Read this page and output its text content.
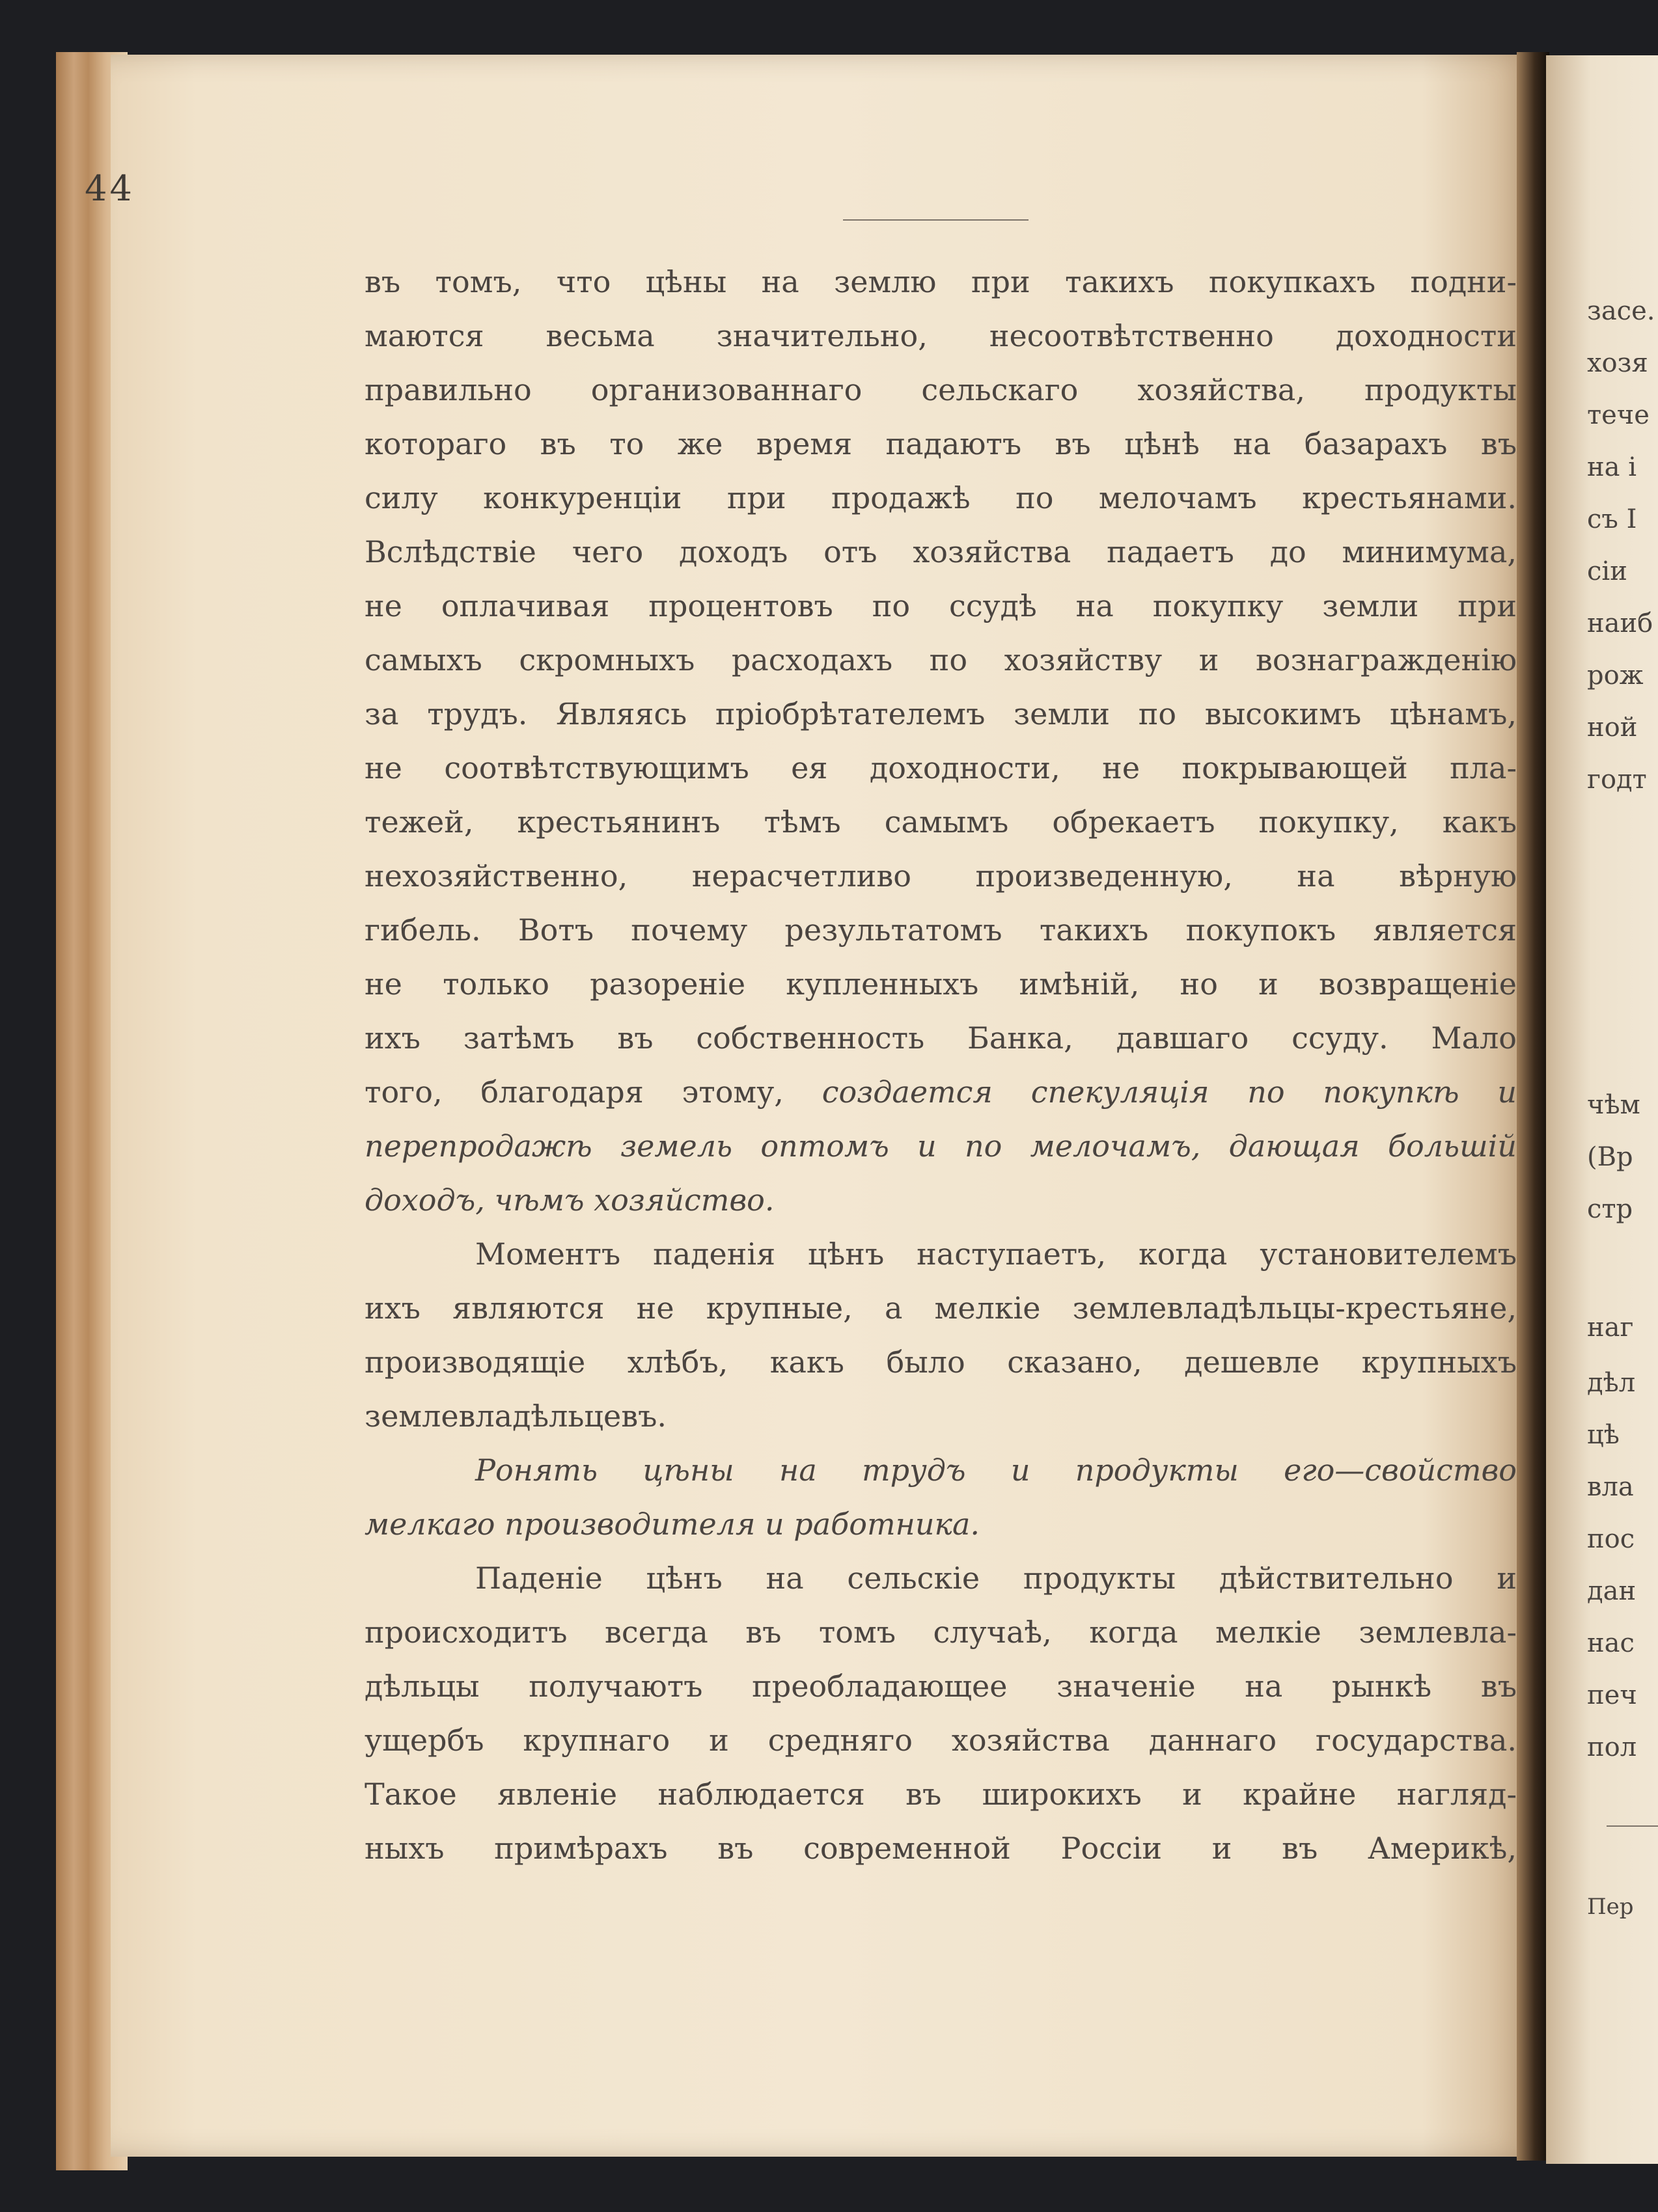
44
въ томъ, что цѣны на землю при такихъ покупкахъ подни-
маются весьма значительно, несоотвѣтственно доходности
правильно организованнаго сельскаго хозяйства, продукты
котораго въ то же время падаютъ въ цѣнѣ на базарахъ въ
силу конкуренціи при продажѣ по мелочамъ крестьянами.
Вслѣдствіе чего доходъ отъ хозяйства падаетъ до минимума,
не оплачивая процентовъ по ссудѣ на покупку земли при
самыхъ скромныхъ расходахъ по хозяйству и вознагражденію
за трудъ. Являясь пріобрѣтателемъ земли по высокимъ цѣнамъ,
не соотвѣтствующимъ ея доходности, не покрывающей пла-
тежей, крестьянинъ тѣмъ самымъ обрекаетъ покупку, какъ
нехозяйственно, нерасчетливо произведенную, на вѣрную
гибель. Вотъ почему результатомъ такихъ покупокъ является
не только разореніе купленныхъ имѣній, но и возвращеніе
ихъ затѣмъ въ собственность Банка, давшаго ссуду. Мало
того, благодаря этому, создается спекуляція по покупкѣ и
перепродажѣ земель оптомъ и по мелочамъ, дающая большій
доходъ, чѣмъ хозяйство.
Моментъ паденія цѣнъ наступаетъ, когда установителемъ
ихъ являются не крупные, а мелкіе землевладѣльцы-крестьяне,
производящіе хлѣбъ, какъ было сказано, дешевле крупныхъ
землевладѣльцевъ.
Ронять цѣны на трудъ и продукты его—свойство
мелкаго производителя и работника.
Паденіе цѣнъ на сельскіе продукты дѣйствительно и
происходитъ всегда въ томъ случаѣ, когда мелкіе землевла-
дѣльцы получаютъ преобладающее значеніе на рынкѣ въ
ущербъ крупнаго и средняго хозяйства даннаго государства.
Такое явленіе наблюдается въ широкихъ и крайне нагляд-
ныхъ примѣрахъ въ современной Россіи и въ Америкѣ,
засе.
хозя
тече
на і
съ І
сіи
наиб
рож
ной
годт
чѣм
(Вр
стр
наг
дѣл
цѣ
вла
пос
дан
нас
печ
пол
Пер
